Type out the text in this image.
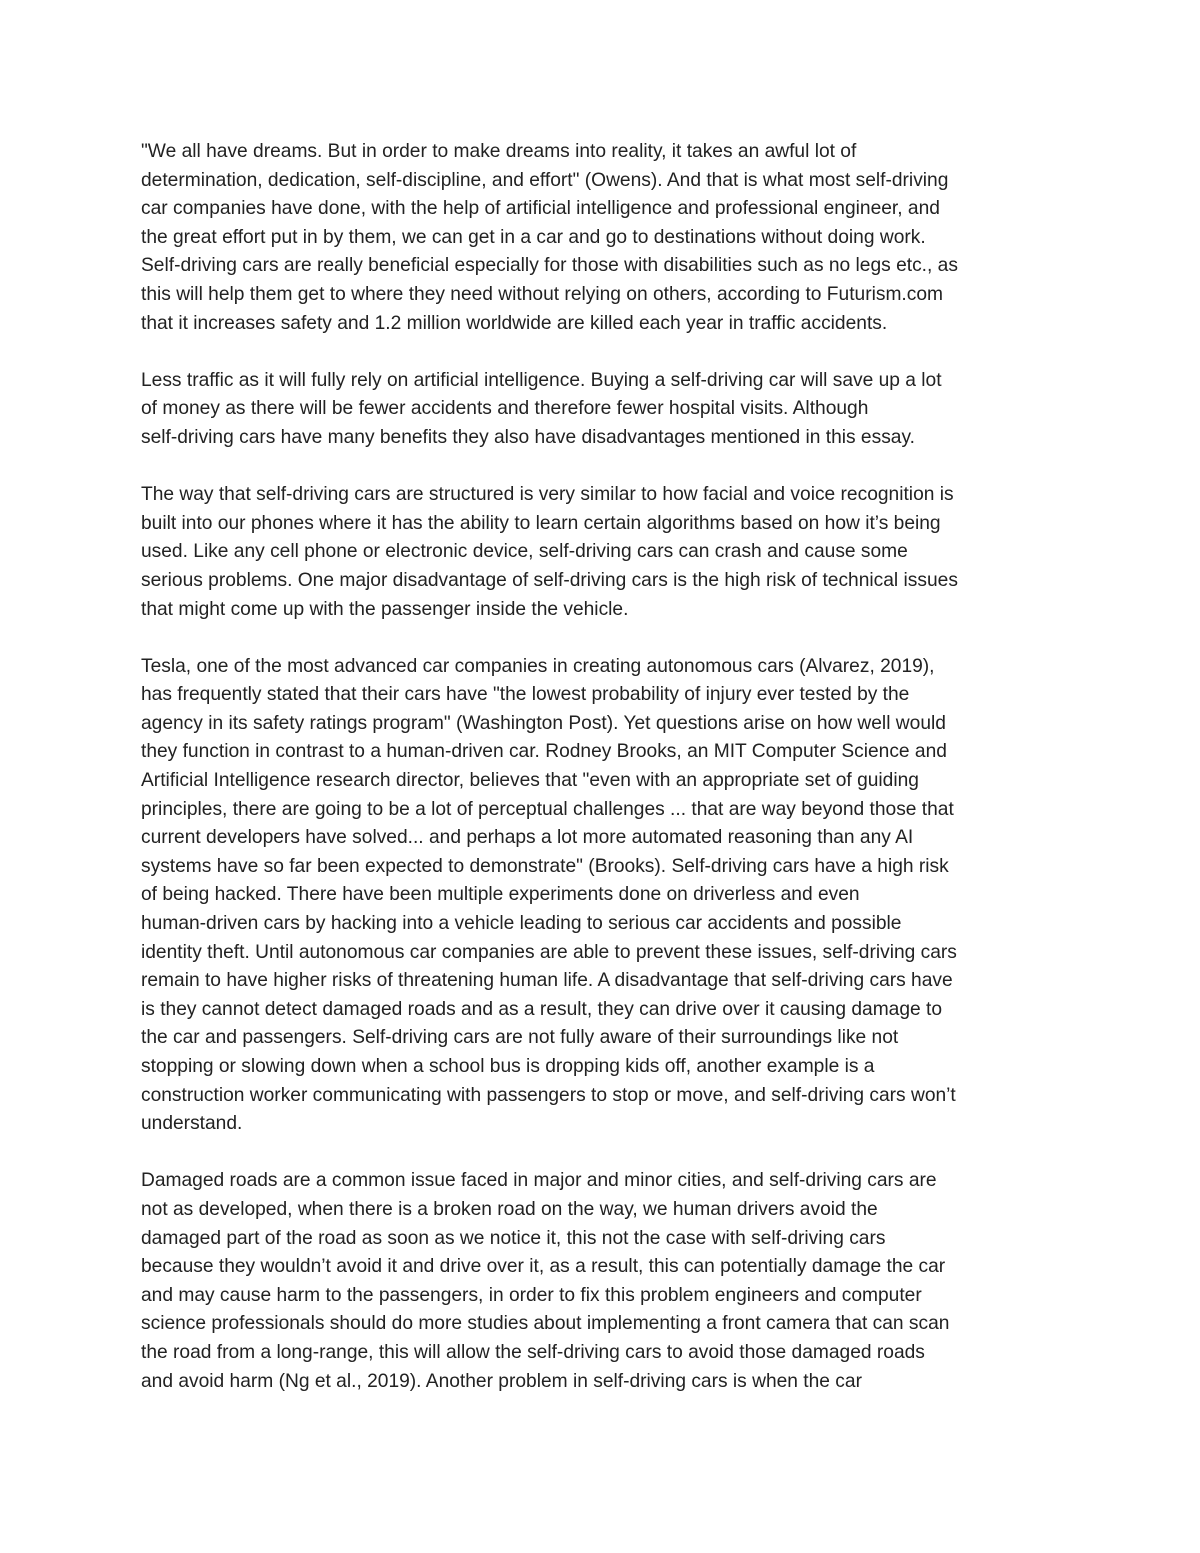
"We all have dreams. But in order to make dreams into reality, it takes an awful lot of
determination, dedication, self-discipline, and effort" (Owens). And that is what most self-driving
car companies have done, with the help of artificial intelligence and professional engineer, and
the great effort put in by them, we can get in a car and go to destinations without doing work.
Self-driving cars are really beneficial especially for those with disabilities such as no legs etc., as
this will help them get to where they need without relying on others, according to Futurism.com
that it increases safety and 1.2 million worldwide are killed each year in traffic accidents.
Less traffic as it will fully rely on artificial intelligence. Buying a self-driving car will save up a lot
of money as there will be fewer accidents and therefore fewer hospital visits. Although
self-driving cars have many benefits they also have disadvantages mentioned in this essay.
The way that self-driving cars are structured is very similar to how facial and voice recognition is
built into our phones where it has the ability to learn certain algorithms based on how it’s being
used. Like any cell phone or electronic device, self-driving cars can crash and cause some
serious problems. One major disadvantage of self-driving cars is the high risk of technical issues
that might come up with the passenger inside the vehicle.
Tesla, one of the most advanced car companies in creating autonomous cars (Alvarez, 2019),
has frequently stated that their cars have "the lowest probability of injury ever tested by the
agency in its safety ratings program" (Washington Post). Yet questions arise on how well would
they function in contrast to a human-driven car. Rodney Brooks, an MIT Computer Science and
Artificial Intelligence research director, believes that "even with an appropriate set of guiding
principles, there are going to be a lot of perceptual challenges ... that are way beyond those that
current developers have solved... and perhaps a lot more automated reasoning than any AI
systems have so far been expected to demonstrate" (Brooks). Self-driving cars have a high risk
of being hacked. There have been multiple experiments done on driverless and even
human-driven cars by hacking into a vehicle leading to serious car accidents and possible
identity theft. Until autonomous car companies are able to prevent these issues, self-driving cars
remain to have higher risks of threatening human life. A disadvantage that self-driving cars have
is they cannot detect damaged roads and as a result, they can drive over it causing damage to
the car and passengers. Self-driving cars are not fully aware of their surroundings like not
stopping or slowing down when a school bus is dropping kids off, another example is a
construction worker communicating with passengers to stop or move, and self-driving cars won’t
understand.
Damaged roads are a common issue faced in major and minor cities, and self-driving cars are
not as developed, when there is a broken road on the way, we human drivers avoid the
damaged part of the road as soon as we notice it, this not the case with self-driving cars
because they wouldn’t avoid it and drive over it, as a result, this can potentially damage the car
and may cause harm to the passengers, in order to fix this problem engineers and computer
science professionals should do more studies about implementing a front camera that can scan
the road from a long-range, this will allow the self-driving cars to avoid those damaged roads
and avoid harm (Ng et al., 2019). Another problem in self-driving cars is when the car
